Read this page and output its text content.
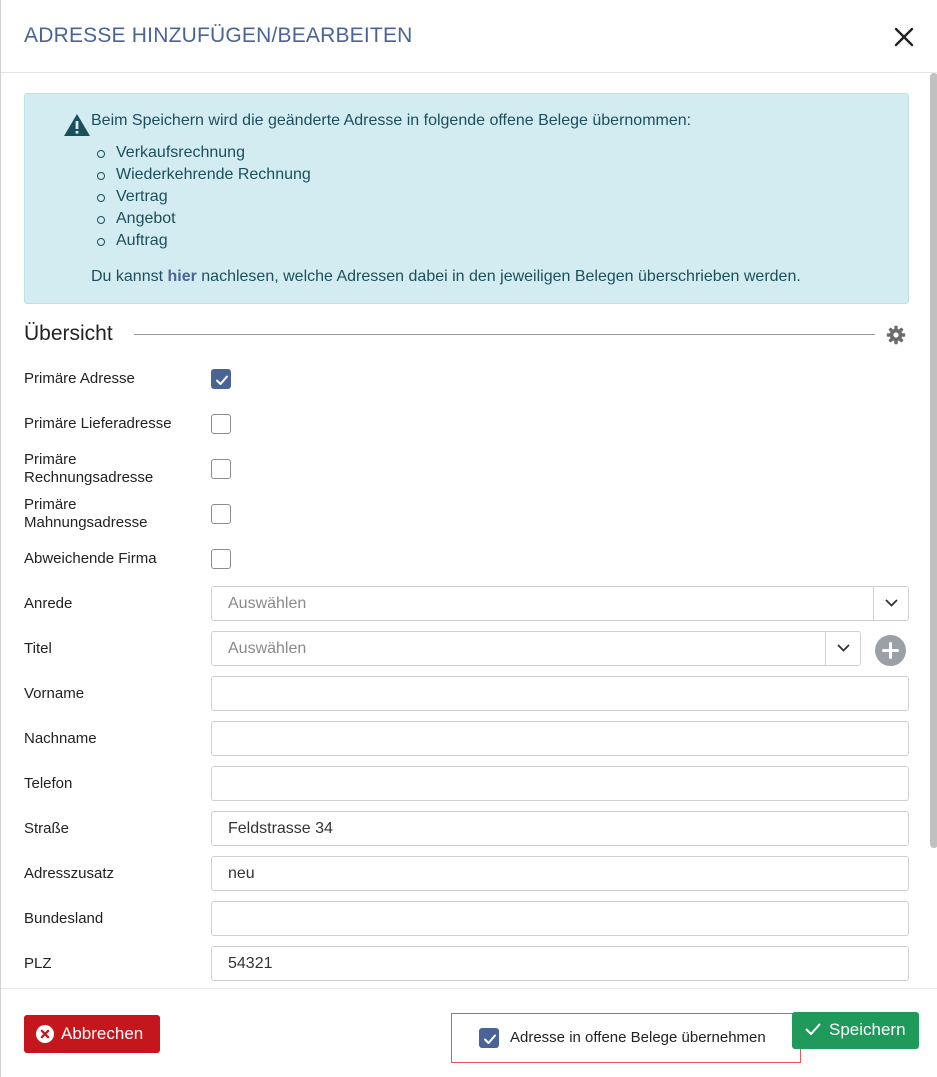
ADRESSE HINZUFÜGEN/BEARBEITEN
Beim Speichern wird die geänderte Adresse in folgende offene Belege übernommen:
Verkaufsrechnung
Wiederkehrende Rechnung
Vertrag
Angebot
Auftrag
Du kannst hier nachlesen, welche Adressen dabei in den jeweiligen Belegen überschrieben werden.
Übersicht
Primäre Adresse
Primäre Lieferadresse
Primäre
Rechnungsadresse
Primäre
Mahnungsadresse
Abweichende Firma
Anrede	Auswählen
Titel	Auswählen
Vorname
Nachname
Telefon
Straße	Feldstrasse 34
Adresszusatz	neu
Bundesland
PLZ	54321
Abbrechen	Adresse in offene Belege übernehmen	Speichern
